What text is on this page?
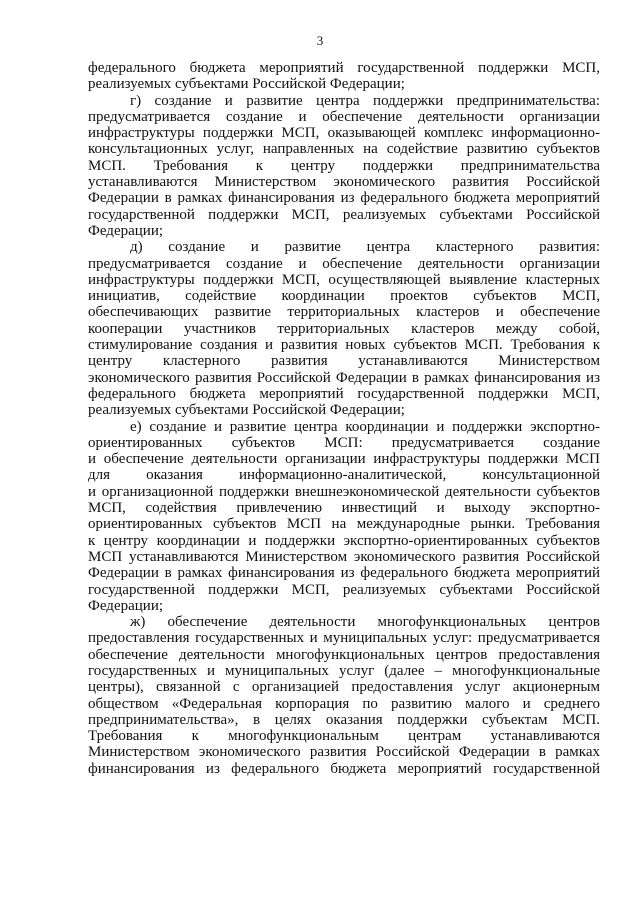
3
федерального бюджета мероприятий государственной поддержки МСП,
реализуемых субъектами Российской Федерации;
г) создание и развитие центра поддержки предпринимательства:
предусматривается создание и обеспечение деятельности организации
инфраструктуры поддержки МСП, оказывающей комплекс информационно-
консультационных услуг, направленных на содействие развитию субъектов
МСП. Требования к центру поддержки предпринимательства
устанавливаются Министерством экономического развития Российской
Федерации в рамках финансирования из федерального бюджета мероприятий
государственной поддержки МСП, реализуемых субъектами Российской
Федерации;
д) создание и развитие центра кластерного развития:
предусматривается создание и обеспечение деятельности организации
инфраструктуры поддержки МСП, осуществляющей выявление кластерных
инициатив, содействие координации проектов субъектов МСП,
обеспечивающих развитие территориальных кластеров и обеспечение
кооперации участников территориальных кластеров между собой,
стимулирование создания и развития новых субъектов МСП. Требования к
центру кластерного развития устанавливаются Министерством
экономического развития Российской Федерации в рамках финансирования из
федерального бюджета мероприятий государственной поддержки МСП,
реализуемых субъектами Российской Федерации;
е) создание и развитие центра координации и поддержки экспортно-
ориентированных субъектов МСП: предусматривается создание
и обеспечение деятельности организации инфраструктуры поддержки МСП
для оказания информационно-аналитической, консультационной
и организационной поддержки внешнеэкономической деятельности субъектов
МСП, содействия привлечению инвестиций и выходу экспортно-
ориентированных субъектов МСП на международные рынки. Требования
к центру координации и поддержки экспортно-ориентированных субъектов
МСП устанавливаются Министерством экономического развития Российской
Федерации в рамках финансирования из федерального бюджета мероприятий
государственной поддержки МСП, реализуемых субъектами Российской
Федерации;
ж) обеспечение деятельности многофункциональных центров
предоставления государственных и муниципальных услуг: предусматривается
обеспечение деятельности многофункциональных центров предоставления
государственных и муниципальных услуг (далее – многофункциональные
центры), связанной с организацией предоставления услуг акционерным
обществом «Федеральная корпорация по развитию малого и среднего
предпринимательства», в целях оказания поддержки субъектам МСП.
Требования к многофункциональным центрам устанавливаются
Министерством экономического развития Российской Федерации в рамках
финансирования из федерального бюджета мероприятий государственной
